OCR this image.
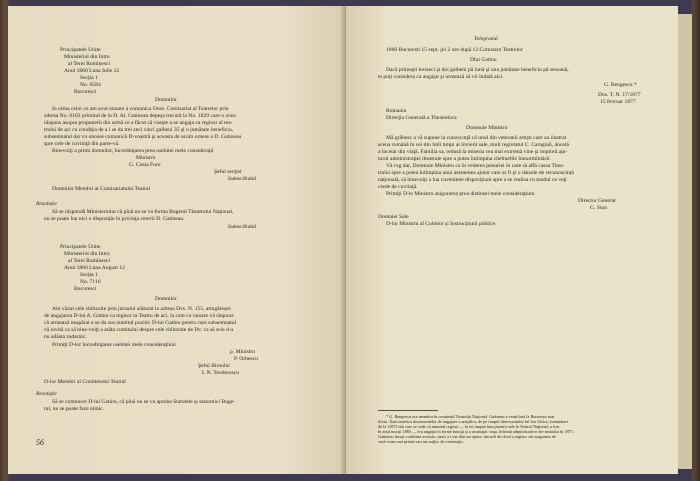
Principatele Unite
Ministeriul din Intru
al Terei Romînesci
Anul 1860 Luna Iulie 22
Secţia 1
No. 6584
Bucuresci
Domnilor
In urma celor ce am avut onoare a comunica Onor. Comisariat al Teatrelor prin
adresa No. 6162 primind de la D. Al. Gatineau depeşa trecută la No. 1829 care o avea
răspuns asupra propunerii din urmă ce a făcut că voeşte a se angaja ca regisor al tea-
trului de aci cu condiţia de a i se da trei zeci cinci galbeni 35 şi o jumătate beneficiu,
subsemnatul dar cu onoare comunică D-voastră şi aceasta de acum ornere a D. Gatineau
spre cele de cuviinţă din parte-vă.
Binevoiţi a primi domnilor, încredinţarea prea osebitei mele consideraţii
Ministru
G. Costa Foru
Şeful secţiei
Indescifrabil
Domnilor Membri ai Comisariatului Teatral
Rezoluţie
Să se răspundă Ministeriului că pînă nu se va forma Bugetul Theatrului Naţional,
nu se poate lua nici o dispoziţie în privinţa cererii D. Gatineau.
Indescifrabil
Principatele Unite
Ministeriul din Intru
al Terei Romînesci
Anul 1860 Luna August 12
Secţia 1
No. 7116
Bucuresci
Domnilor
Am văzut cele chibzuite prin jurnalul alăturat la adresa Dvs. N. 155, atingătoare
de angajarea D-lui A. Gatino ca regisor la Teatru de aci, la care cu onoare vă răspunz
că urmează neapărat a se da sus numitul pozitiv D-lui Gatino pentru care subsemnatul
vă invită ca să bine-voiţi a arăta cumitului despre cele chibzuite de Dv. ca să scie d-a
nu adăsta zadarnic.
Primiţi D-lor încredinţarea osebitei mele consideraţiuni
p. Ministru
P. Orbescu
Şeful Biroului
I. N. Teodorescu
D-lor Membri ai Comitetului Teatral
Rezoluţie
Să se comunice D-lui Gatino, că pînă nu se va aproba Statutele şi statornici Buge-
tul, nu se poate face nimic.
56
Telegramă
1860 Bucuresti 15 sept. joi 2 ore după 12 Comisaru Teatrelor
Dlui Gatino
Dacă primeşti treizeci şi doi galbeni pă lună şi una jumătate beneficiu pă sesoană,
te poţi considera ca angajat şi urmează să vii îndată aici.
G. Bengescu *
Dos. T. N. 17/1877
15 fevruar 1877
Romania
Direcţia Generală a Theatrelora
Domnule Ministru
Mă grăbesc a vă supune la cunoscinţă că unul din veteranii artişti care au ilustrat
scena română în cei din întîi timpi ai învierii sale, mult regretatul C. Caragiali, ăncetă
a încetat din viaţă. Familia sa, redusă la miseria cea mai extremă vine şi imploră aju-
torul administraţiei theatrale spre a putea întîmpina cheltuelile înmormîntării.
Vă rog dar, Domnule Ministru ca în vederea penuriei în care să află cassa Thea-
trului spre a putea întîmpina unui asemenea ajutor care ar fi şi o datorie de recunoscinţă
naţională, să binevoiţi a lua cuvenitele dispoziţiuni spre a se realisa cu modul ce veţi
crede de cuviinţă.
Primiţi D-le Ministru asigurarea prea distinsei mele consideraţiuni
Director General
G. Sion
Domniei Sale
D-lui Ministru al Cultelor şi Instrucţiunii publice.
* G. Bengescu era membru în comitetul Teatrului Naţional. Gatineau a venit însă la Bucureşti mai
tîrziu. Xam anterior documentelor de angajare a artiştilor, de pe timpul directoratului lui Ion Ghica, (semnături
de la 1857) din care se vede că numitul regisor — la tot timpul funcţionării sale la Teatrul Naţional, a fost
în anul morţii 1883 — era angajat în ferme funcţii şi a avantajat viaţa, înfrîntă administrative ale teatrului în 1871.
Gatineau însuşi confirmă aceasta: «mes a i me dire un ajutor, întrucît de chod a regizor »în stagiunea de
vară n-am mai primit nici un mijloc de existenţă».
